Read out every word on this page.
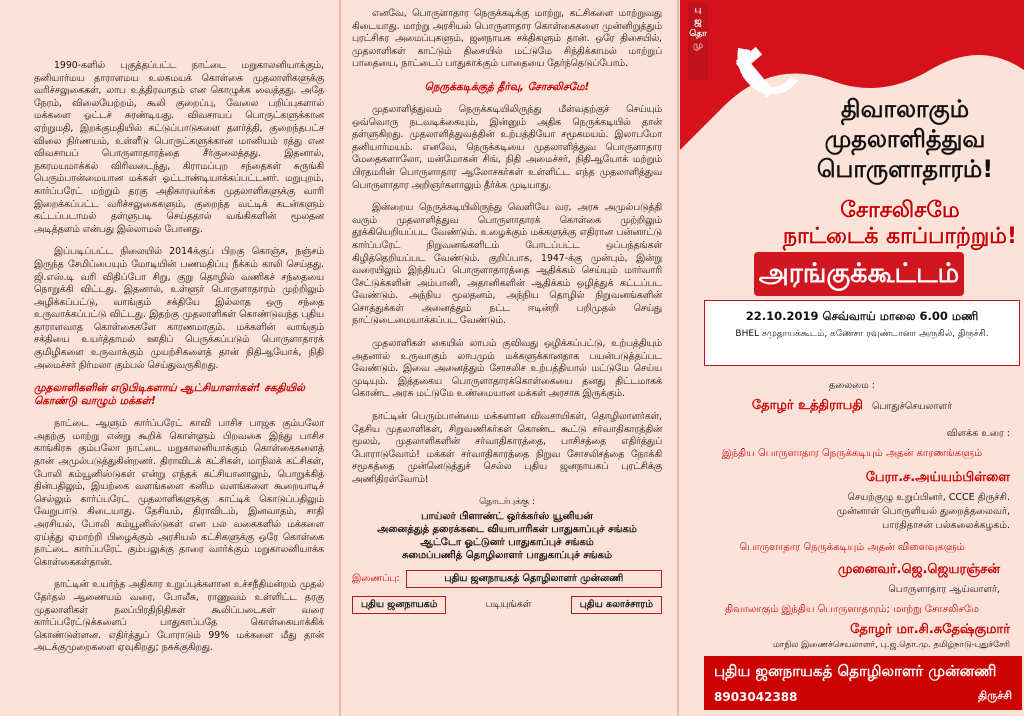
1990-களில் புகுத்தப்பட்ட நாட்டை மறுகாலனியாக்கும், தனியார்மய தாராளமய உலகமயக் கொள்கை முதலாளிகளுக்கு வரிச்சலுகைகள், லாப உத்திரவாதம் என கொழுக்க வைத்தது. அதே நேரம், விலையேற்றம், கூலி குறைப்பு, வேலை பறிப்புகளால் மக்களை ஓட்டச் சுரண்டியது. விவசாயப் பொருட்களுக்கான ஏற்றுமதி, இறக்குமதியில் கட்டுப்பாடுகளை தளர்த்தி, குறைந்தபட்ச விலை நிர்ணயம், உள்ளீடு பொருட்களுக்கான மானியம் ரத்து என விவசாயப் பொருளாதாரத்தை சீர்குலைத்தது. இதனால், நகரமயமாக்கல் விரிவடைந்து, கிராமப்புற சந்தைகள் சுருங்கி பெரும்பான்மையான மக்கள் ஓட்டாண்டியாக்கப்பட்டனர். மறுபுறம், கார்ப்பரேட் மற்றும் தரகு அதிகாரவர்க்க முதலாளிகளுக்கு வாரி இறைக்கப்பட்ட வரிச்சலுகைகளும், குறைந்த வட்டிக் கடன்களும் கட்டப்படாமல் தள்ளுபடி செய்ததால் வங்கிகளின் மூலதன அடித்தளம் என்பது இல்லாமல் போனது.

இப்படிப்பட்ட நிலையில் 2014க்குப் பிறகு கொஞ்ச, நஞ்சம் இருந்த சேமிப்பையும் மோடியின் பணமதிப்பு நீக்கம் காலி செய்தது. ஜி.எஸ்.டி வரி விதிப்போ சிறு, குறு தொழில் வணிகச் சந்தையை நொறுக்கி விட்டது. இதனால், உள்ளூர் பொருளாதாரம் முற்றிலும் அழிக்கப்பட்டு, வாங்கும் சக்தியே இல்லாத ஒரு சந்தை உருவாக்கப்பட்டு விட்டது. இதற்கு முதலாளிகள் கொண்டுவந்த புதிய தாராளவாத கொள்கைகளே காரணமாகும். மக்களின் வாங்கும் சக்தியை உயர்த்தாமல் ஊதிப் பெருக்கப்படும் பொருளாதாரக் குமிழிகளை உருவாக்கும் முயற்சிகளைத் தான் நிதிஆயோக், நிதி அமைச்சர் நிர்மலா கும்பல் செய்துவருகிறது.

முதலாளிகளின் எடுபிடிகளாய் ஆட்சியாளர்கள்! சகதியில் கொண்டு வாழும் மக்கள்!

நாட்டை ஆளும் கார்ப்பரேட் காவி பாசிச பாஜக கும்பலோ அதற்கு மாற்று என்று கூறிக் கொள்ளும் பிறவகை இந்து பாசிச காங்கிரசு கும்பலோ நாட்டை மறுகாலனியாக்கும் கொள்கைகளைத் தான் அமுல்படுத்துகின்றனர். திராவிடக் கட்சிகள், மாநிலக் கட்சிகள், போலி கம்யூனிஸ்டுகள் என்று எந்தக் கட்சியானாலும், பொறுக்கித் தின்பதிலும், இயற்கை வளங்களை கனிம வளங்களை கூறையாடிச் செல்லும் கார்ப்பரேட் முதலாளிகளுக்கு காட்டிக் கொடுப்பதிலும் வேறுபாடு கிடையாது. தேசியம், திராவிடம், இனவாதம், சாதி அரசியல், போலி கம்யூனிஸ்டுகள் என பல வகைகளில் மக்களை ஏய்த்து ஏமாற்றி பிழைக்கும் அரசியல் கட்சிகளுக்கு ஒரே கொள்கை நாட்டை கார்ப்பரேட் கும்பலுக்கு தாரை வார்க்கும் மறுகாலனியாக்க கொள்கைகள்தான்.

நாட்டின் உயர்ந்த அதிகார உறுப்புக்களான உச்சநீதிமன்றம் முதல் தேர்தல் ஆணையம் வரை, போலீசு, ராணுவம் உள்ளிட்ட தரகு முதலாளிகள் நலப்பிரதிநிதிகள் கூலிப்படைகள் வரை கார்ப்பரேட்டுக்களைப் பாதுகாப்பதே கொள்கையாக்கிக் கொண்டுள்ளன. எதிர்த்துப் போராடும் 99% மக்களை மீது தான் அடக்குமுறைகளை ஏவுகிறது; நசுக்குகிறது.

எனவே, பொருளாதார நெருக்கடிக்கு மாற்று, கட்சிகளை மாற்றுவது கிடையாது. மாற்று அரசியல் பொருளாதார கொள்கைகளை முன்னிறுத்தும் புரட்சிகர அமைப்புகளும், ஜனநாயக சக்திகளும் தான். ஒரே திசையில், முதலாளிகள் காட்டும் திசையில் மட்டுமே சிந்திக்காமல் மாற்றுப் பாதையை, நாட்டைப் பாதுகாக்கும் பாதையை தேர்ந்தெடுப்போம்.

நெருக்கடிக்குத் தீர்வு, சோசலிசமே!

முதலாளித்துவம் நெருக்கடியிலிருந்து மீள்வதற்குச் செய்யும் ஒவ்வொரு நடவடிக்கையும், இன்னும் அதிக நெருக்கடியில் தான் தள்ளுகிறது. முதலாளித்துவத்தின் உற்பத்தியோ சமூகமயம். இலாபமோ தனியார்மயம். எனவே, நெருக்கடியை முதலாளித்துவ பொருளாதார மேதைகளாலோ, மன்மோகன் சிங், நிதி அமைச்சர், நிதிஆயோக் மற்றும் பிரதமரின் பொருளாதார ஆலோசகர்கள் உள்ளிட்ட எந்த முதலாளித்துவ பொருளாதார அறிஞர்களாலும் தீர்க்க முடியாது.

இன்றைய நெருக்கடியிலிருந்து வெளியே வர, அரசு அமுல்படுத்தி வரும் முதலாளித்துவ பொருளாதாரக் கொள்கை முற்றிலும் தூக்கியெறியப்பட வேண்டும். உழைக்கும் மக்களுக்கு எதிரான பன்னாட்டு கார்ப்பரேட் நிறுவனங்களிடம் போடப்பட்ட ஒப்பந்தங்கள் கிழித்தெறியப்பட வேண்டும். குறிப்பாக, 1947-க்கு முன்பும், இன்று வரையிலும் இந்தியப் பொருளாதாரத்தை ஆதிக்கம் செய்யும் மார்வாரி சேட்டுக்களின் அம்பானி, அதானிகளின் ஆதிக்கம் ஒழித்துக் கட்டப்பட வேண்டும். அந்நிய மூலதனம், அந்நிய தொழில் நிறுவனங்களின் சொத்துக்கள் அனைத்தும் நட்ட ஈடின்றி பறிமுதல் செய்து நாட்டுடைமையாக்கப்பட வேண்டும்.

முதலாளிகள் கையில் லாபம் குவிவது ஒழிக்கப்பட்டு, உற்பத்தியும் அதனால் உருவாகும் லாபமும் மக்களுக்கானதாக பயன்படுத்தப்பட வேண்டும். இவை அனைத்தும் சோசலிச உற்பத்தியால் மட்டுமே செய்ய முடியும். இத்தகைய பொருளாதாரக்கொள்கையை தனது திட்டமாகக் கொண்ட அரசு மட்டுமே உண்மையான மக்கள் அரசாக இருக்கும்.

நாட்டின் பெரும்பான்மை மக்களான விவசாயிகள், தொழிலாளர்கள், தேசிய முதலாளிகள், சிறுவணிகர்கள் கொண்ட கூட்டு சர்வாதிகாரத்தின் மூலம், முதலாளிகளின் சர்வாதிகாரத்தை, பாசிசத்தை எதிர்த்துப் போராடுவோம்! மக்கள் சர்வாதிகாரத்தை நிறுவ சோசலிசத்தை நோக்கி சமூகத்தை முன்னெடுத்துச் செல்ல புதிய ஜனநாயகப் புரட்சிக்கு அணிதிரள்வோம்!

தொடர்புக்கு :
பாய்லர் பிளாண்ட் ஒர்க்கர்ஸ் யூனியன்
அனைத்துத் தரைக்கடை வியாபாரிகள் பாதுகாப்புச் சங்கம்
ஆட்டோ ஓட்டுனர் பாதுகாப்புச் சங்கம்
சுமைப்பணித் தொழிலாளர் பாதுகாப்புச் சங்கம்
இணைப்பு:	புதிய ஜனநாயகத் தொழிலாளர் முன்னணி
புதிய ஜனநாயகம்	படியுங்கள்	புதிய கலாச்சாரம்
பு
ஜ
தொ
மு
திவாலாகும்
முதலாளித்துவ
பொருளாதாரம்!
சோசலிசமே
நாட்டைக் காப்பாற்றும்!
அரங்குக்கூட்டம்
22.10.2019 செவ்வாய் மாலை 6.00 மணி
BHEL சமுதாயக்கூடம், கணேசா ரவுண்டானா அருகில், திருச்சி.
தலைமை :
தோழர் உத்திராபதி பொதுச்செயலாளர்
விளக்க உரை :
இந்திய பொருளாதார நெருக்கடியும் அதன் காரணங்களும்
பேரா.ச.அய்யம்பிள்ளை
செயற்குழு உறுப்பினர், CCCE திருச்சி.
முன்னாள் பொருளியல் துறைத்தலைவர்,
பாரதிதாசன் பல்கலைக்கழகம்.
பொருளாதார நெருக்கடியும் அதன் விளைவுகளும்
முனைவர்.ஜெ.ஜெயரஞ்சன்
பொருளாதார ஆய்வாளர்,
திவாலாகும் இந்திய பொருளாதாரம்; மாற்று சோசலிசமே
தோழர் மா.சி.சுதேஷ்குமார்
மாநில இணைச்செயலாளர், பு.ஜ.தொ.மு. தமிழ்நாடு-புதுச்சேரி
புதிய ஜனநாயகத் தொழிலாளர் முன்னணி
8903042388	திருச்சி
